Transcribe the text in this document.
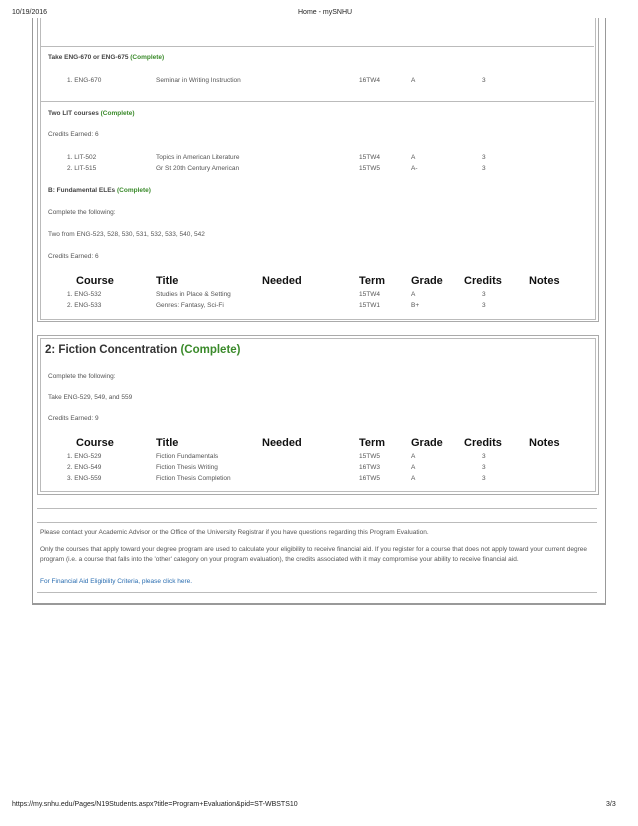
10/19/2016	Home - mySNHU
https://my.snhu.edu/Pages/N19Students.aspx?title=Program+Evaluation&pid=ST-WBSTS10	3/3
Take ENG-670 or ENG-675 (Complete)
1. ENG-670	Seminar in Writing Instruction	16TW4	A	3
Two LIT courses (Complete)
Credits Earned: 6
1. LIT-502	Topics in American Literature	15TW4	A	3
2. LIT-515	Gr St 20th Century American	15TW5	A-	3
B: Fundamental ELEs (Complete)
Complete the following:
Two from ENG-523, 528, 530, 531, 532, 533, 540, 542
Credits Earned: 6
Course	Title	Needed	Term Grade Credits Notes
1. ENG-532	Studies in Place & Setting	15TW4	A	3
2. ENG-533	Genres: Fantasy, Sci-Fi	15TW1	B+	3
2: Fiction Concentration (Complete)
Complete the following:
Take ENG-529, 549, and 559
Credits Earned: 9
Course	Title	Needed	Term Grade Credits Notes
1. ENG-529	Fiction Fundamentals	15TW5	A	3
2. ENG-549	Fiction Thesis Writing	16TW3	A	3
3. ENG-559	Fiction Thesis Completion	16TW5	A	3
Please contact your Academic Advisor or the Office of the University Registrar if you have questions regarding this Program Evaluation.
Only the courses that apply toward your degree program are used to calculate your eligibility to receive financial aid. If you register for a course that does not apply toward your current degree program (i.e. a course that falls into the 'other' category on your program evaluation), the credits associated with it may compromise your ability to receive financial aid.
For Financial Aid Eligibility Criteria, please click here.
